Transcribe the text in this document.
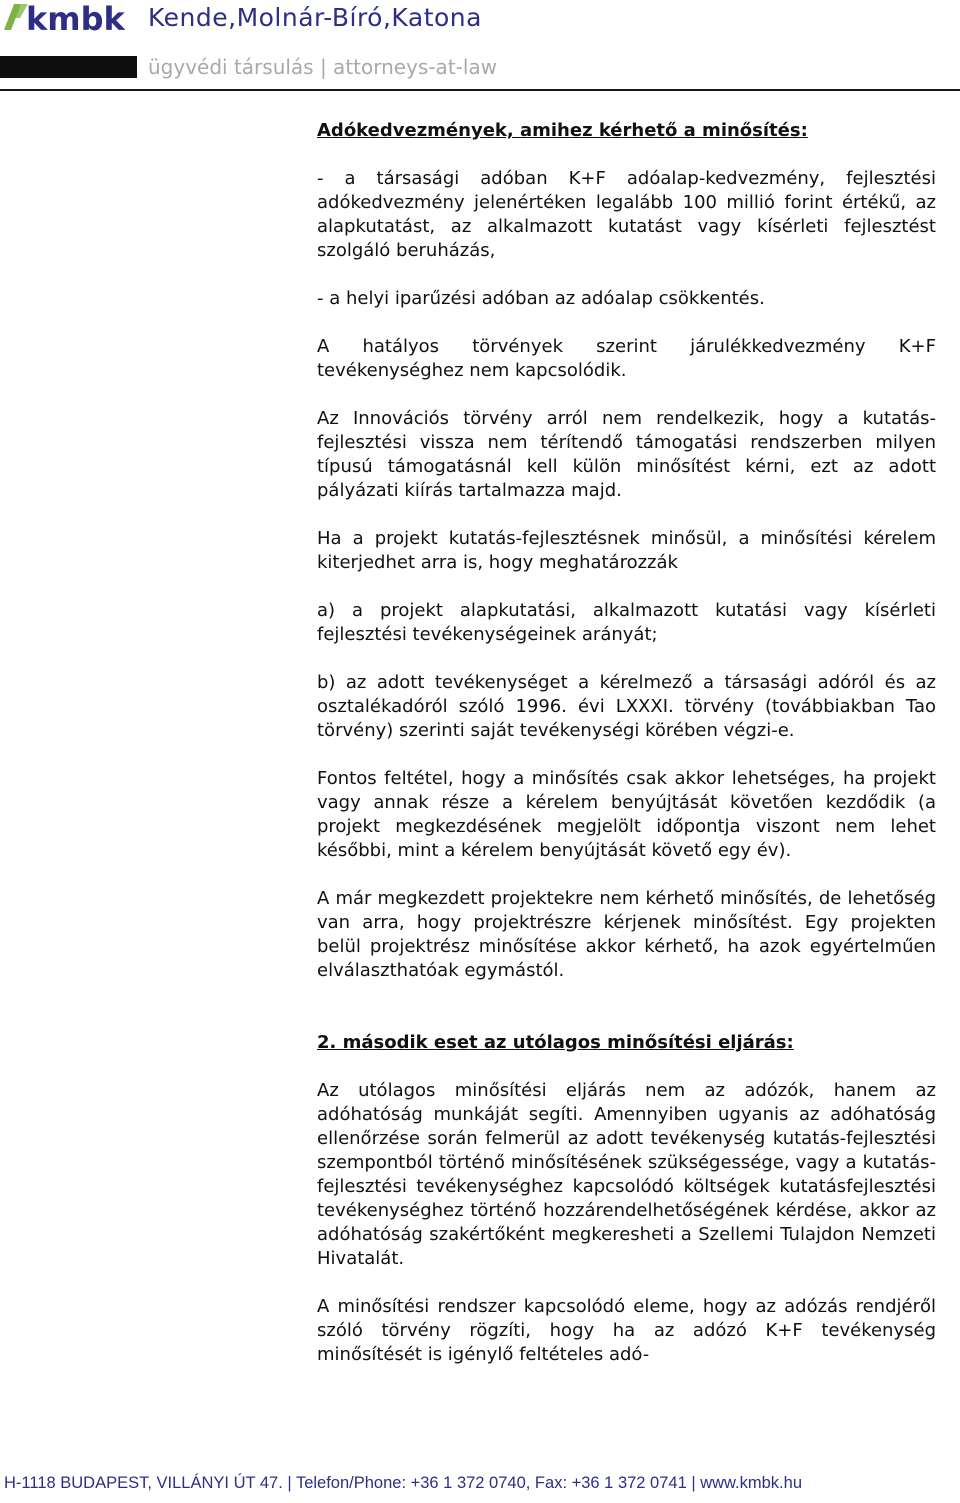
kmbk Kende,Molnár-Bíró,Katona
ügyvédi társulás | attorneys-at-law
Adókedvezmények, amihez kérhető a minősítés:

- a társasági adóban K+F adóalap-kedvezmény, fejlesztési adókedvezmény jelenértéken legalább 100 millió forint értékű, az alapkutatást, az alkalmazott kutatást vagy kísérleti fejlesztést szolgáló beruházás,

- a helyi iparűzési adóban az adóalap csökkentés.

A hatályos törvények szerint járulékkedvezmény K+F tevékenységhez nem kapcsolódik.

Az Innovációs törvény arról nem rendelkezik, hogy a kutatás-fejlesztési vissza nem térítendő támogatási rendszerben milyen típusú támogatásnál kell külön minősítést kérni, ezt az adott pályázati kiírás tartalmazza majd.

Ha a projekt kutatás-fejlesztésnek minősül, a minősítési kérelem kiterjedhet arra is, hogy meghatározzák

a) a projekt alapkutatási, alkalmazott kutatási vagy kísérleti fejlesztési tevékenységeinek arányát;

b) az adott tevékenységet a kérelmező a társasági adóról és az osztalékadóról szóló 1996. évi LXXXI. törvény (továbbiakban Tao törvény) szerinti saját tevékenységi körében végzi-e.

Fontos feltétel, hogy a minősítés csak akkor lehetséges, ha projekt vagy annak része a kérelem benyújtását követően kezdődik (a projekt megkezdésének megjelölt időpontja viszont nem lehet későbbi, mint a kérelem benyújtását követő egy év).

A már megkezdett projektekre nem kérhető minősítés, de lehetőség van arra, hogy projektrészre kérjenek minősítést. Egy projekten belül projektrész minősítése akkor kérhető, ha azok egyértelműen elválaszthatóak egymástól.

2. második eset az utólagos minősítési eljárás:

Az utólagos minősítési eljárás nem az adózók, hanem az adóhatóság munkáját segíti. Amennyiben ugyanis az adóhatóság ellenőrzése során felmerül az adott tevékenység kutatás-fejlesztési szempontból történő minősítésének szükségessége, vagy a kutatás-fejlesztési tevékenységhez kapcsolódó költségek kutatásfejlesztési tevékenységhez történő hozzárendelhetőségének kérdése, akkor az adóhatóság szakértőként megkeresheti a Szellemi Tulajdon Nemzeti Hivatalát.

A minősítési rendszer kapcsolódó eleme, hogy az adózás rendjéről szóló törvény rögzíti, hogy ha az adózó K+F tevékenység minősítését is igénylő feltételes adó-

H-1118 BUDAPEST, VILLÁNYI ÚT 47. | Telefon/Phone: +36 1 372 0740, Fax: +36 1 372 0741 | www.kmbk.hu
